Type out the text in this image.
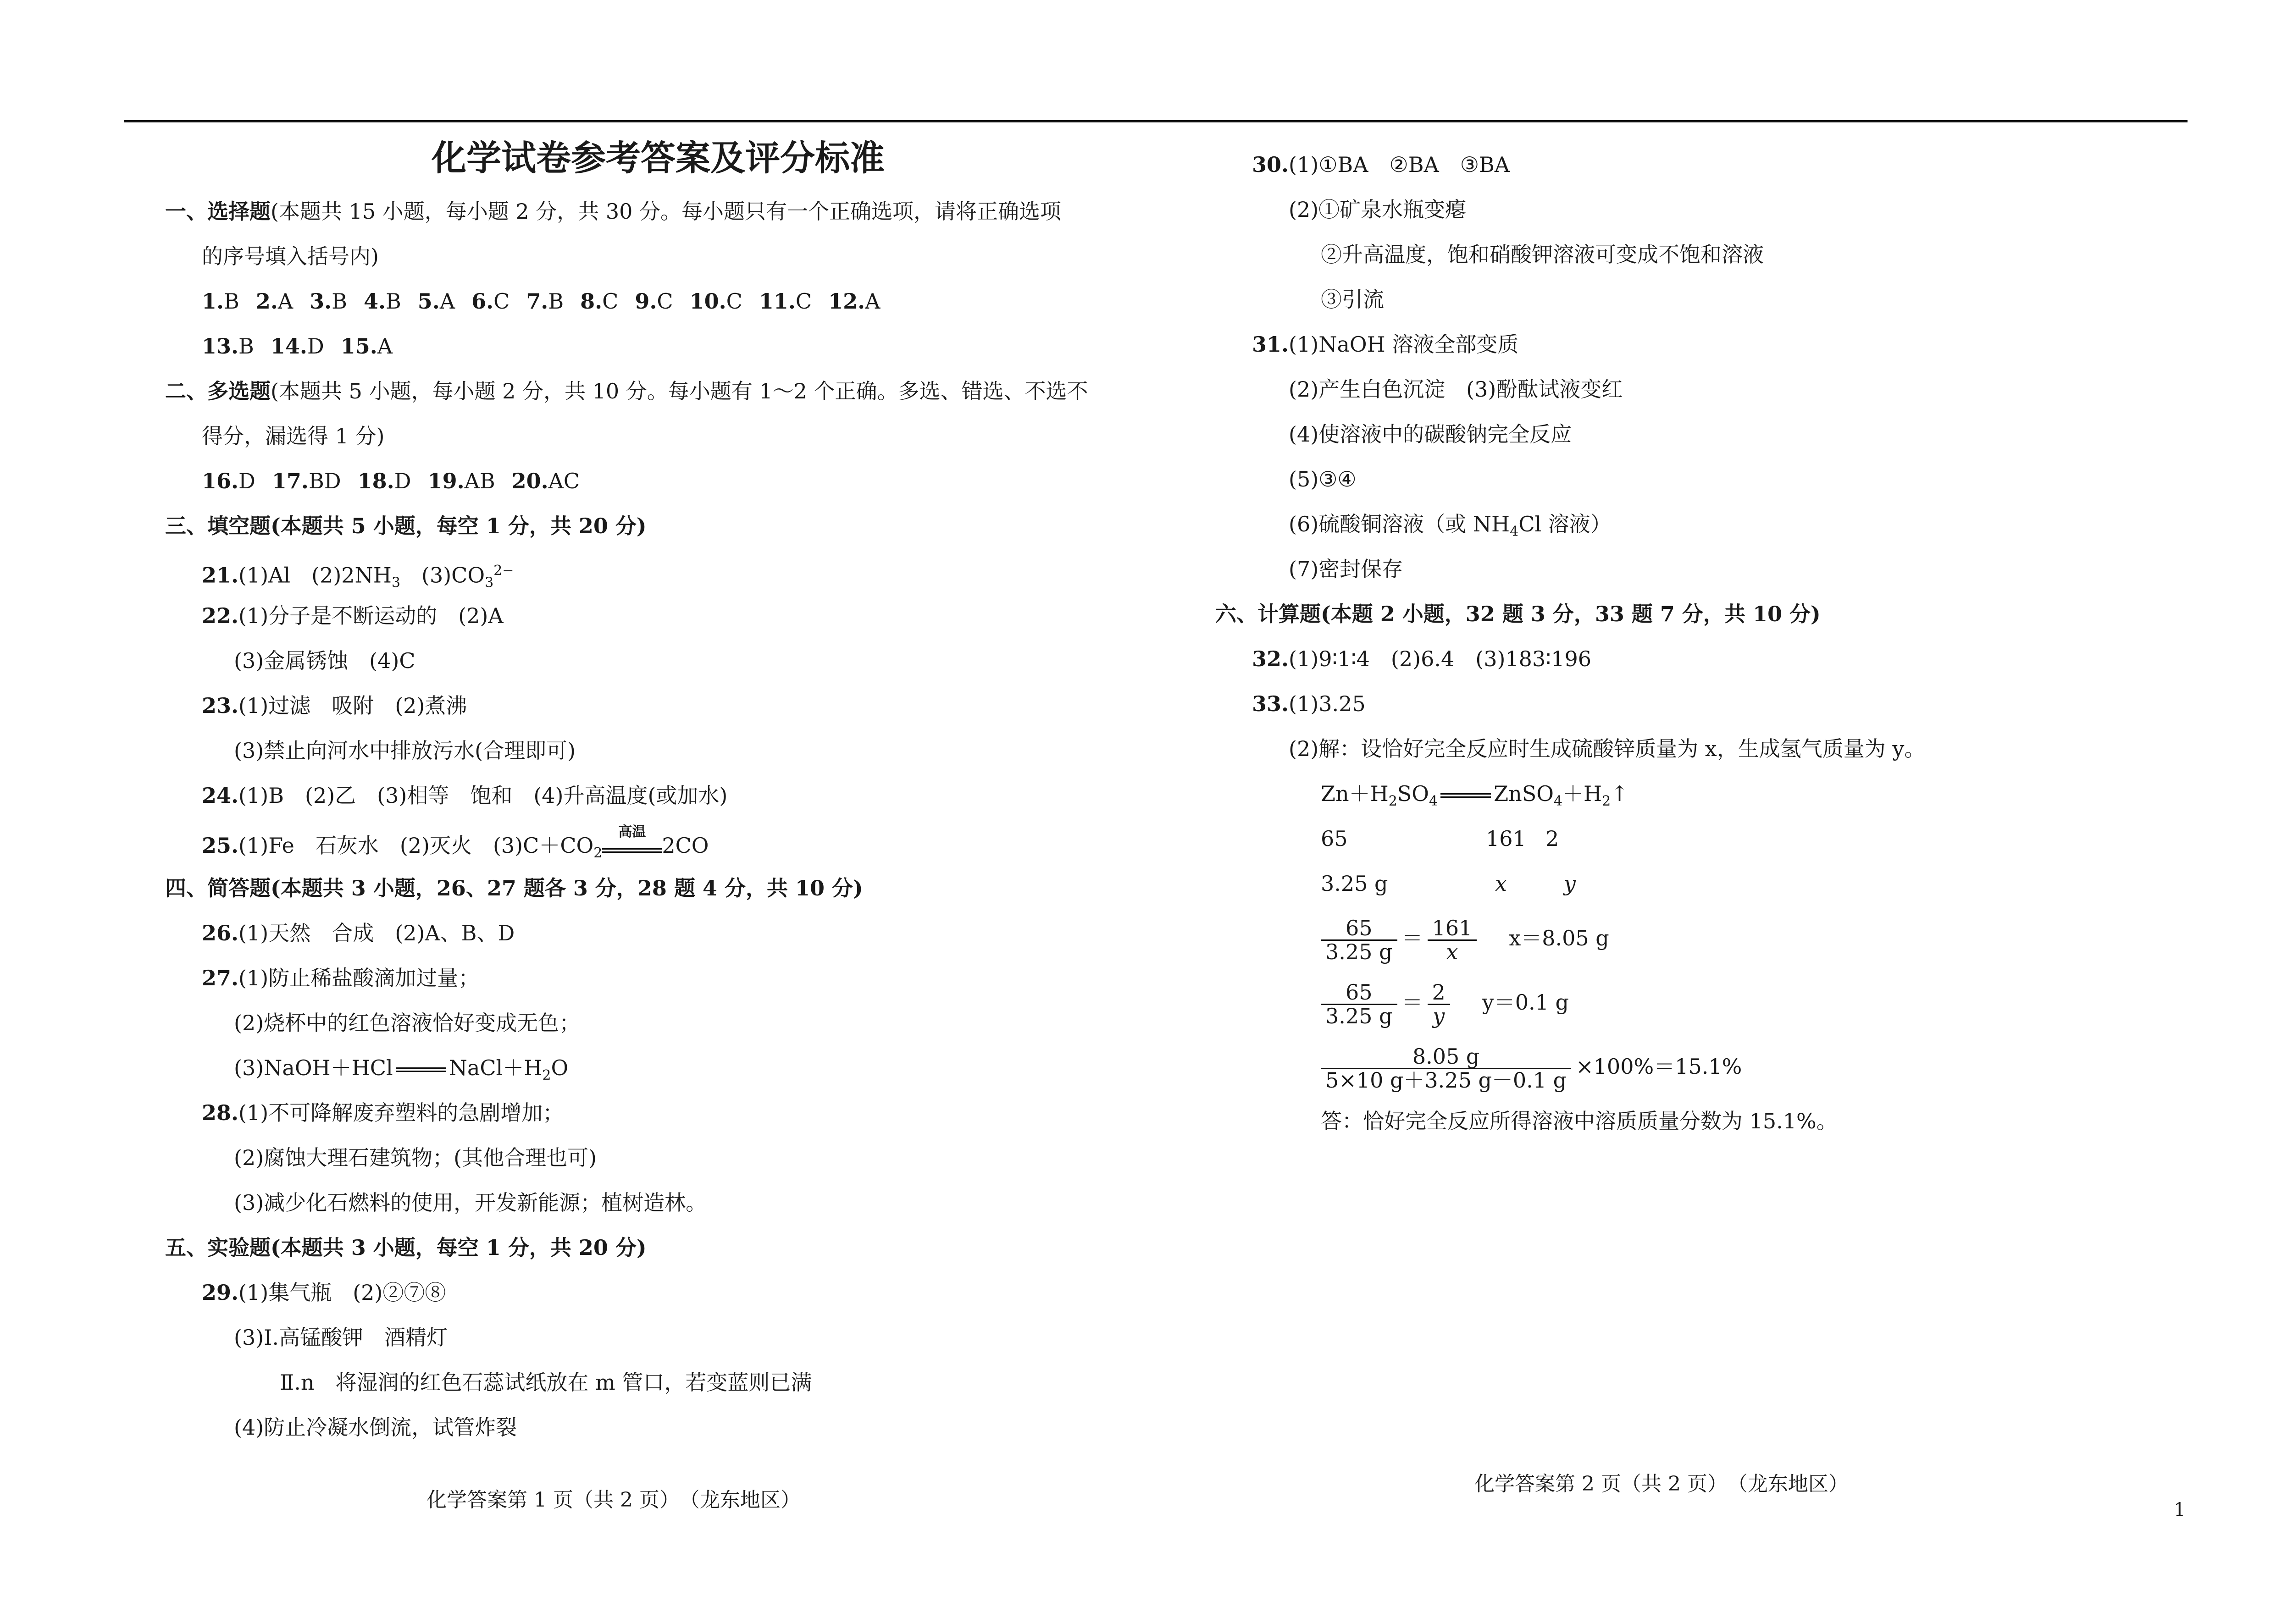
化学试卷参考答案及评分标准
一、选择题(本题共 15 小题，每小题 2 分，共 30 分。每小题只有一个正确选项，请将正确选项
的序号填入括号内)
1.B 2.A 3.B 4.B 5.A 6.C 7.B 8.C 9.C 10.C 11.C 12.A
13.B 14.D 15.A
二、多选题(本题共 5 小题，每小题 2 分，共 10 分。每小题有 1～2 个正确。多选、错选、不选不
得分，漏选得 1 分)
16.D 17.BD 18.D 19.AB 20.AC
三、填空题(本题共 5 小题，每空 1 分，共 20 分)
21.(1)Al　$(2)2NH_3$　$(3)CO_3^{2-}$
22.(1)分子是不断运动的　(2)A
(3)金属锈蚀　(4)C
23.(1)过滤　吸附　(2)煮沸
(3)禁止向河水中排放污水(合理即可)
24.(1)B　(2)乙　(3)相等　饱和　(4)升高温度(或加水)
25.(1)Fe　石灰水　(2)灭火　$(3)C+CO_2$
高温
2CO
四、简答题(本题共 3 小题，26、27 题各 3 分，28 题 4 分，共 10 分)
26.(1)天然　合成　(2)A、B、D
27.(1)防止稀盐酸滴加过量；
(2)烧杯中的红色溶液恰好变成无色；
(3)NaOH＋HCl	$NaCl+H_2O$
28.(1)不可降解废弃塑料的急剧增加；
(2)腐蚀大理石建筑物；(其他合理也可)
(3)减少化石燃料的使用，开发新能源；植树造林。
五、实验题(本题共 3 小题，每空 1 分，共 20 分)
29.(1)集气瓶　(2)②⑦⑧
(3)Ⅰ.高锰酸钾　酒精灯
Ⅱ.n　将湿润的红色石蕊试纸放在 m 管口，若变蓝则已满
(4)防止冷凝水倒流，试管炸裂
化学答案第 1 页（共 2 页）　（龙东地区）
30.(1)①BA　②BA　③BA
(2)①矿泉水瓶变瘪
②升高温度，饱和硝酸钾溶液可变成不饱和溶液
③引流
31.(1)NaOH 溶液全部变质
(2)产生白色沉淀　(3)酚酞试液变红
(4)使溶液中的碳酸钠完全反应
(5)③④
(6)硫酸铜溶液（或 $NH_4Cl$ 溶液）
(7)密封保存
六、计算题(本题 2 小题，32 题 3 分，33 题 7 分，共 10 分)
32.(1)9∶1∶4　(2)6.4　(3)183∶196
33.(1)3.25
(2)解：设恰好完全反应时生成硫酸锌质量为 x，生成氢气质量为 y。
$Zn+H_2SO_4$	$ZnSO_4+H_2↑$
65	161 2
3.25 g	x	y
$\frac{65}{3.25 g} = \frac{161}{x} x=8.05$ g
$\frac{65}{3.25 g} = \frac{2}{y} y=0.1$ g
$\frac{8.05 g}{5\times 10 g+3.25 g-0.1 g} \times 100\%=15.1\%$
答：恰好完全反应所得溶液中溶质质量分数为 15.1%。
化学答案第 2 页（共 2 页）　（龙东地区）
1
